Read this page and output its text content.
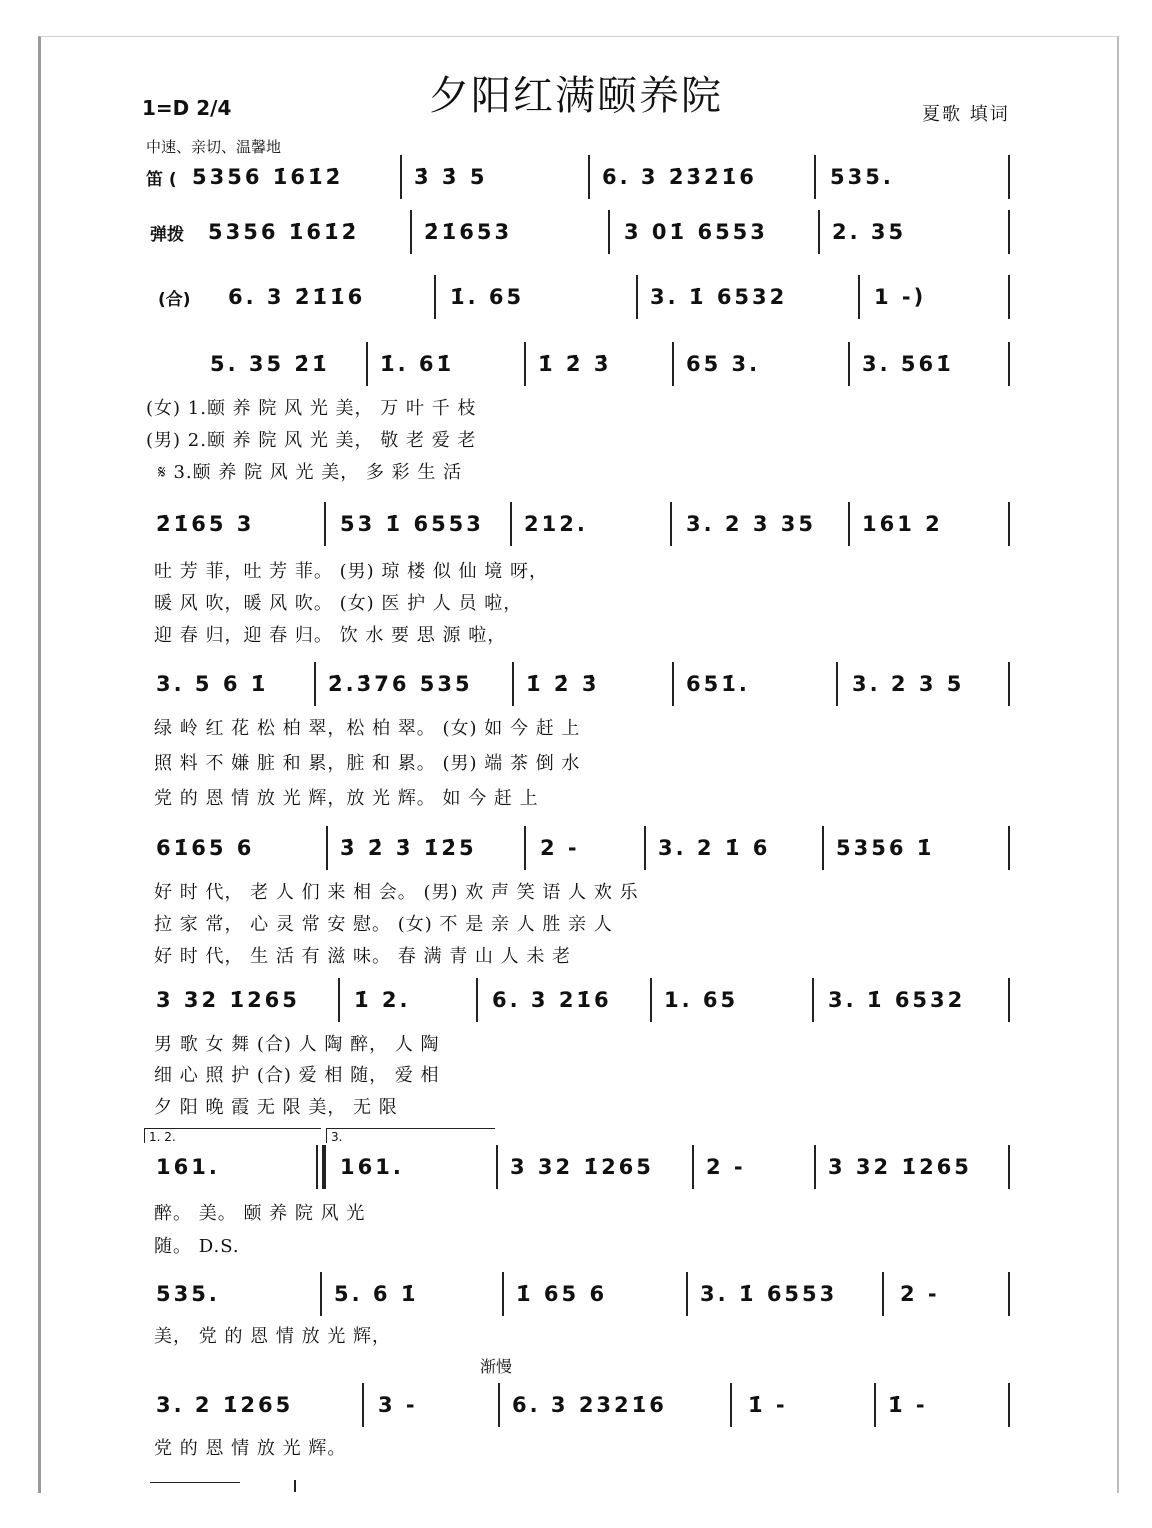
夕阳红满颐养院
1=D 2/4	夏歌 填词
中速、亲切、温馨地
笛 ( 5356 1̇61̇2̇	3̇ 3̇ 5	6. 3 2̇3̇2̇1̇6	535.
弹拨 5356 1̇61̇2̇	2̇1̇653	3 01̇ 6553	2. 35
(合) 6. 3 2̇1̇1̇6	1̇. 65	3. 1̇ 6532	1 -)
5. 35 2̇1̇ 1̇. 61̇	1̇ 2̇ 3̇	65 3.	3. 561̇
(女) 1.颐 养 院 风 光 美， 万 叶 千 枝
(男) 2.颐 养 院 风 光 美， 敬 老 爱 老
𝄋 3.颐 养 院 风 光 美， 多 彩 生 活
2̇1̇65 3	53 1̇ 6553 212.	3. 2 3 35 161 2
吐 芳 菲，吐 芳 菲。 (男) 琼 楼 似 仙 境 呀，
暖 风 吹，暖 风 吹。 (女) 医 护 人 员 啦，
迎 春 归，迎 春 归。 饮 水 要 思 源 啦，
3. 5 6 1̇	2̇.3̇76 535	1̇ 2̇ 3̇	651̇.	3. 2 3 5
绿 岭 红 花 松 柏 翠，松 柏 翠。 (女) 如 今 赶 上
照 料 不 嫌 脏 和 累，脏 和 累。 (男) 端 茶 倒 水
党 的 恩 情 放 光 辉，放 光 辉。 如 今 赶 上
61̇65 6	3̇ 2̇ 3̇ 1̇2̇5	2 -	3. 2 1̇ 6	5356 1̇
好 时 代， 老 人 们 来 相 会。 (男) 欢 声 笑 语 人 欢 乐
拉 家 常， 心 灵 常 安 慰。 (女) 不 是 亲 人 胜 亲 人
好 时 代， 生 活 有 滋 味。 春 满 青 山 人 未 老
3 32 1̇265	1̇ 2.	6. 3 21̇6 1. 65	3. 1̇ 6532
男 歌 女 舞 (合) 人 陶 醉， 人 陶
细 心 照 护 (合) 爱 相 随， 爱 相
夕 阳 晚 霞 无 限 美， 无 限
1. 2.	3.
161.	161.	3 32 1̇265 2 -	3 32 1̇265
醉。 美。 颐 养 院 风 光
随。 D.S.
535.	5. 6 1̇	1̇ 65 6	3. 1̇ 6553	2 -
美， 党 的 恩 情 放 光 辉，
渐慢
3. 2 1̇265	3 -	6. 3 2321̇6	1̇ -	1̇ -
党 的 恩 情 放 光 辉。
